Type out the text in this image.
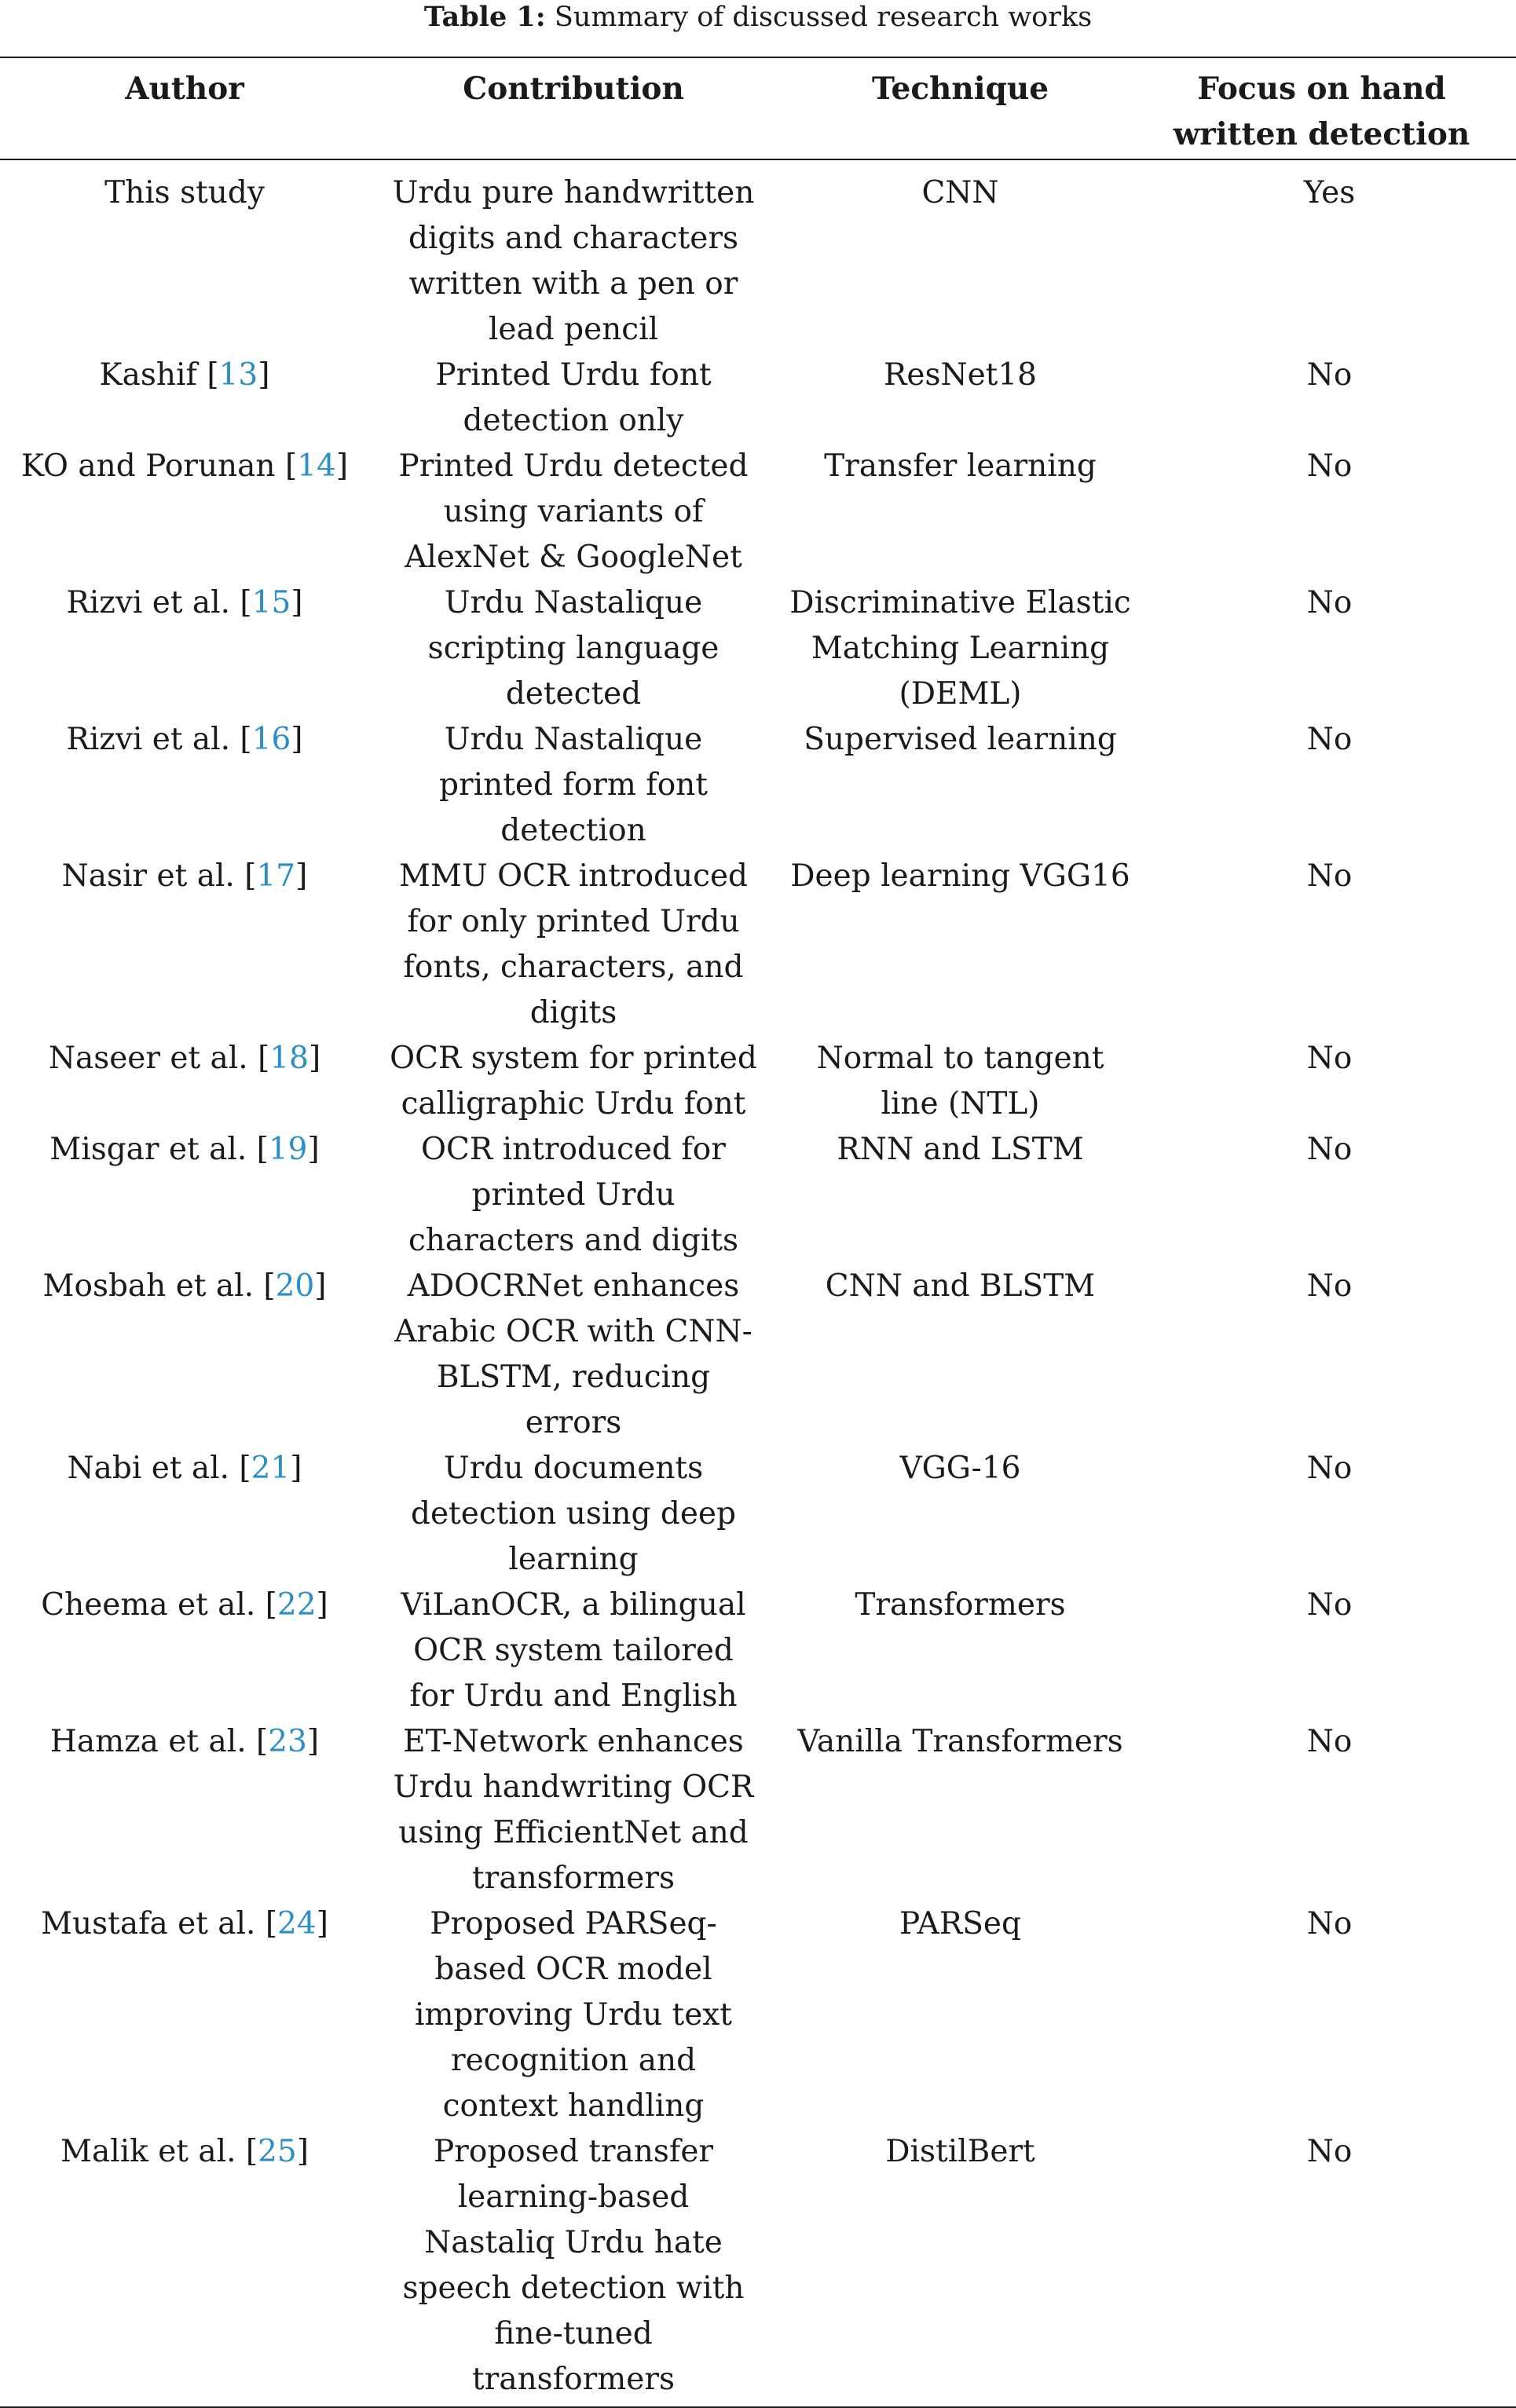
Table 1: Summary of discussed research works
Author	Contribution	Technique	Focus on hand written detection
This study	Urdu pure handwritten digits and characters written with a pen or lead pencil	CNN	Yes
Kashif [13]	Printed Urdu font detection only	ResNet18	No
KO and Porunan [14]	Printed Urdu detected using variants of AlexNet & GoogleNet	Transfer learning	No
Rizvi et al. [15]	Urdu Nastalique scripting language detected	Discriminative Elastic Matching Learning (DEML)	No
Rizvi et al. [16]	Urdu Nastalique printed form font detection	Supervised learning	No
Nasir et al. [17]	MMU OCR introduced for only printed Urdu fonts, characters, and digits	Deep learning VGG16	No
Naseer et al. [18]	OCR system for printed calligraphic Urdu font	Normal to tangent line (NTL)	No
Misgar et al. [19]	OCR introduced for printed Urdu characters and digits	RNN and LSTM	No
Mosbah et al. [20]	ADOCRNet enhances Arabic OCR with CNN-BLSTM, reducing errors	CNN and BLSTM	No
Nabi et al. [21]	Urdu documents detection using deep learning	VGG-16	No
Cheema et al. [22]	ViLanOCR, a bilingual OCR system tailored for Urdu and English	Transformers	No
Hamza et al. [23]	ET-Network enhances Urdu handwriting OCR using EfficientNet and transformers	Vanilla Transformers	No
Mustafa et al. [24]	Proposed PARSeq-based OCR model improving Urdu text recognition and context handling	PARSeq	No
Malik et al. [25]	Proposed transfer learning-based Nastaliq Urdu hate speech detection with fine-tuned transformers	DistilBert	No
